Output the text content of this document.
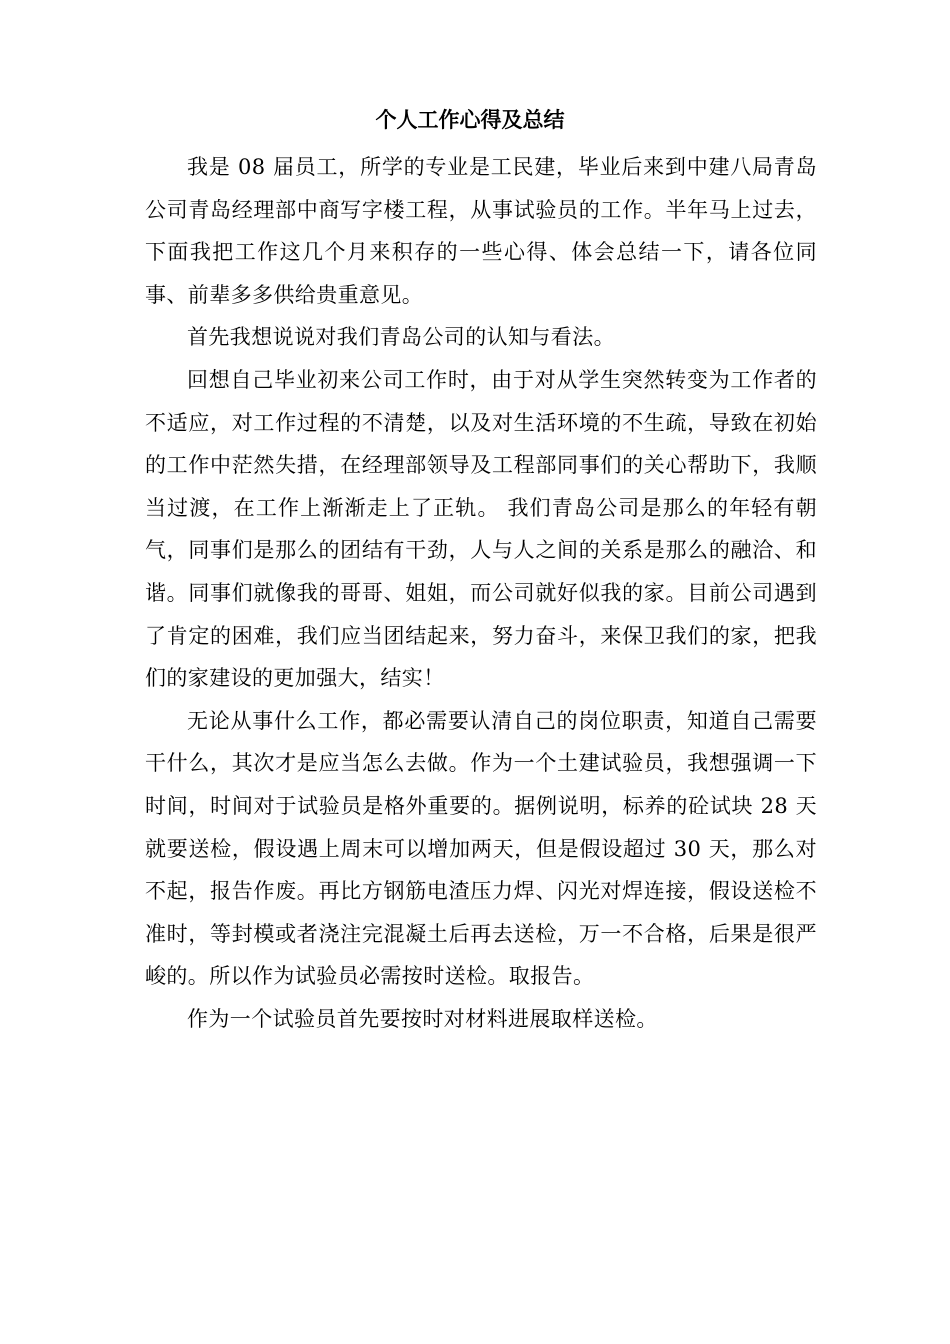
个人工作心得及总结

我是 08 届员工，所学的专业是工民建，毕业后来到中建八局青岛公司青岛经理部中商写字楼工程，从事试验员的工作。半年马上过去，下面我把工作这几个月来积存的一些心得、体会总结一下，请各位同事、前辈多多供给贵重意见。

首先我想说说对我们青岛公司的认知与看法。

回想自己毕业初来公司工作时，由于对从学生突然转变为工作者的不适应，对工作过程的不清楚，以及对生活环境的不生疏，导致在初始的工作中茫然失措，在经理部领导及工程部同事们的关心帮助下，我顺当过渡，在工作上渐渐走上了正轨。 我们青岛公司是那么的年轻有朝气，同事们是那么的团结有干劲，人与人之间的关系是那么的融洽、和谐。同事们就像我的哥哥、姐姐，而公司就好似我的家。目前公司遇到了肯定的困难，我们应当团结起来，努力奋斗，来保卫我们的家，把我们的家建设的更加强大，结实！

无论从事什么工作，都必需要认清自己的岗位职责，知道自己需要干什么，其次才是应当怎么去做。作为一个土建试验员，我想强调一下时间，时间对于试验员是格外重要的。据例说明，标养的砼试块 28 天就要送检，假设遇上周末可以增加两天，但是假设超过 30 天，那么对不起，报告作废。再比方钢筋电渣压力焊、闪光对焊连接，假设送检不准时，等封模或者浇注完混凝土后再去送检，万一不合格，后果是很严峻的。所以作为试验员必需按时送检。取报告。

作为一个试验员首先要按时对材料进展取样送检。
